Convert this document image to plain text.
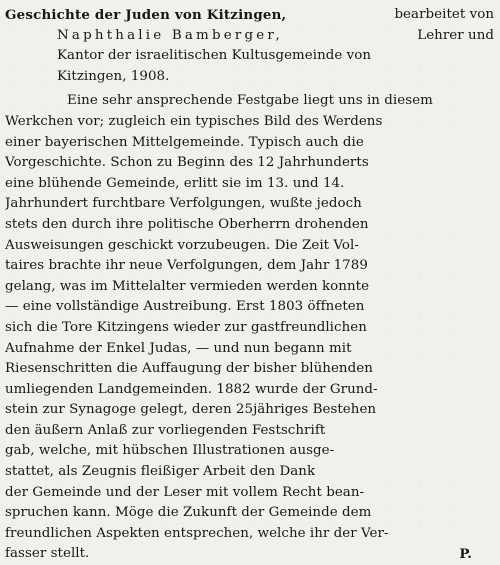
Geschichte der Juden von Kitzingen,	bearbeitet von
Naphthalie Bamberger,	Lehrer und
Kantor der israelitischen Kultusgemeinde von
Kitzingen, 1908.
Eine sehr ansprechende Festgabe liegt uns in diesem
Werkchen vor; zugleich ein typisches Bild des Werdens
einer bayerischen Mittelgemeinde. Typisch auch die
Vorgeschichte. Schon zu Beginn des 12 Jahrhunderts
eine blühende Gemeinde, erlitt sie im 13. und 14.
Jahrhundert furchtbare Verfolgungen, wußte jedoch
stets den durch ihre politische Oberherrn drohenden
Ausweisungen geschickt vorzubeugen. Die Zeit Vol-
taires brachte ihr neue Verfolgungen, dem Jahr 1789
gelang, was im Mittelalter vermieden werden konnte
— eine vollständige Austreibung. Erst 1803 öffneten
sich die Tore Kitzingens wieder zur gastfreundlichen
Aufnahme der Enkel Judas, — und nun begann mit
Riesenschritten die Auffaugung der bisher blühenden
umliegenden Landgemeinden. 1882 wurde der Grund-
stein zur Synagoge gelegt, deren 25jähriges Bestehen
den äußern Anlaß zur vorliegenden Festschrift
gab, welche, mit hübschen Illustrationen ausge-
stattet, als Zeugnis fleißiger Arbeit den Dank
der Gemeinde und der Leser mit vollem Recht bean-
spruchen kann. Möge die Zukunft der Gemeinde dem
freundlichen Aspekten entsprechen, welche ihr der Ver-
fasser stellt.	P.
